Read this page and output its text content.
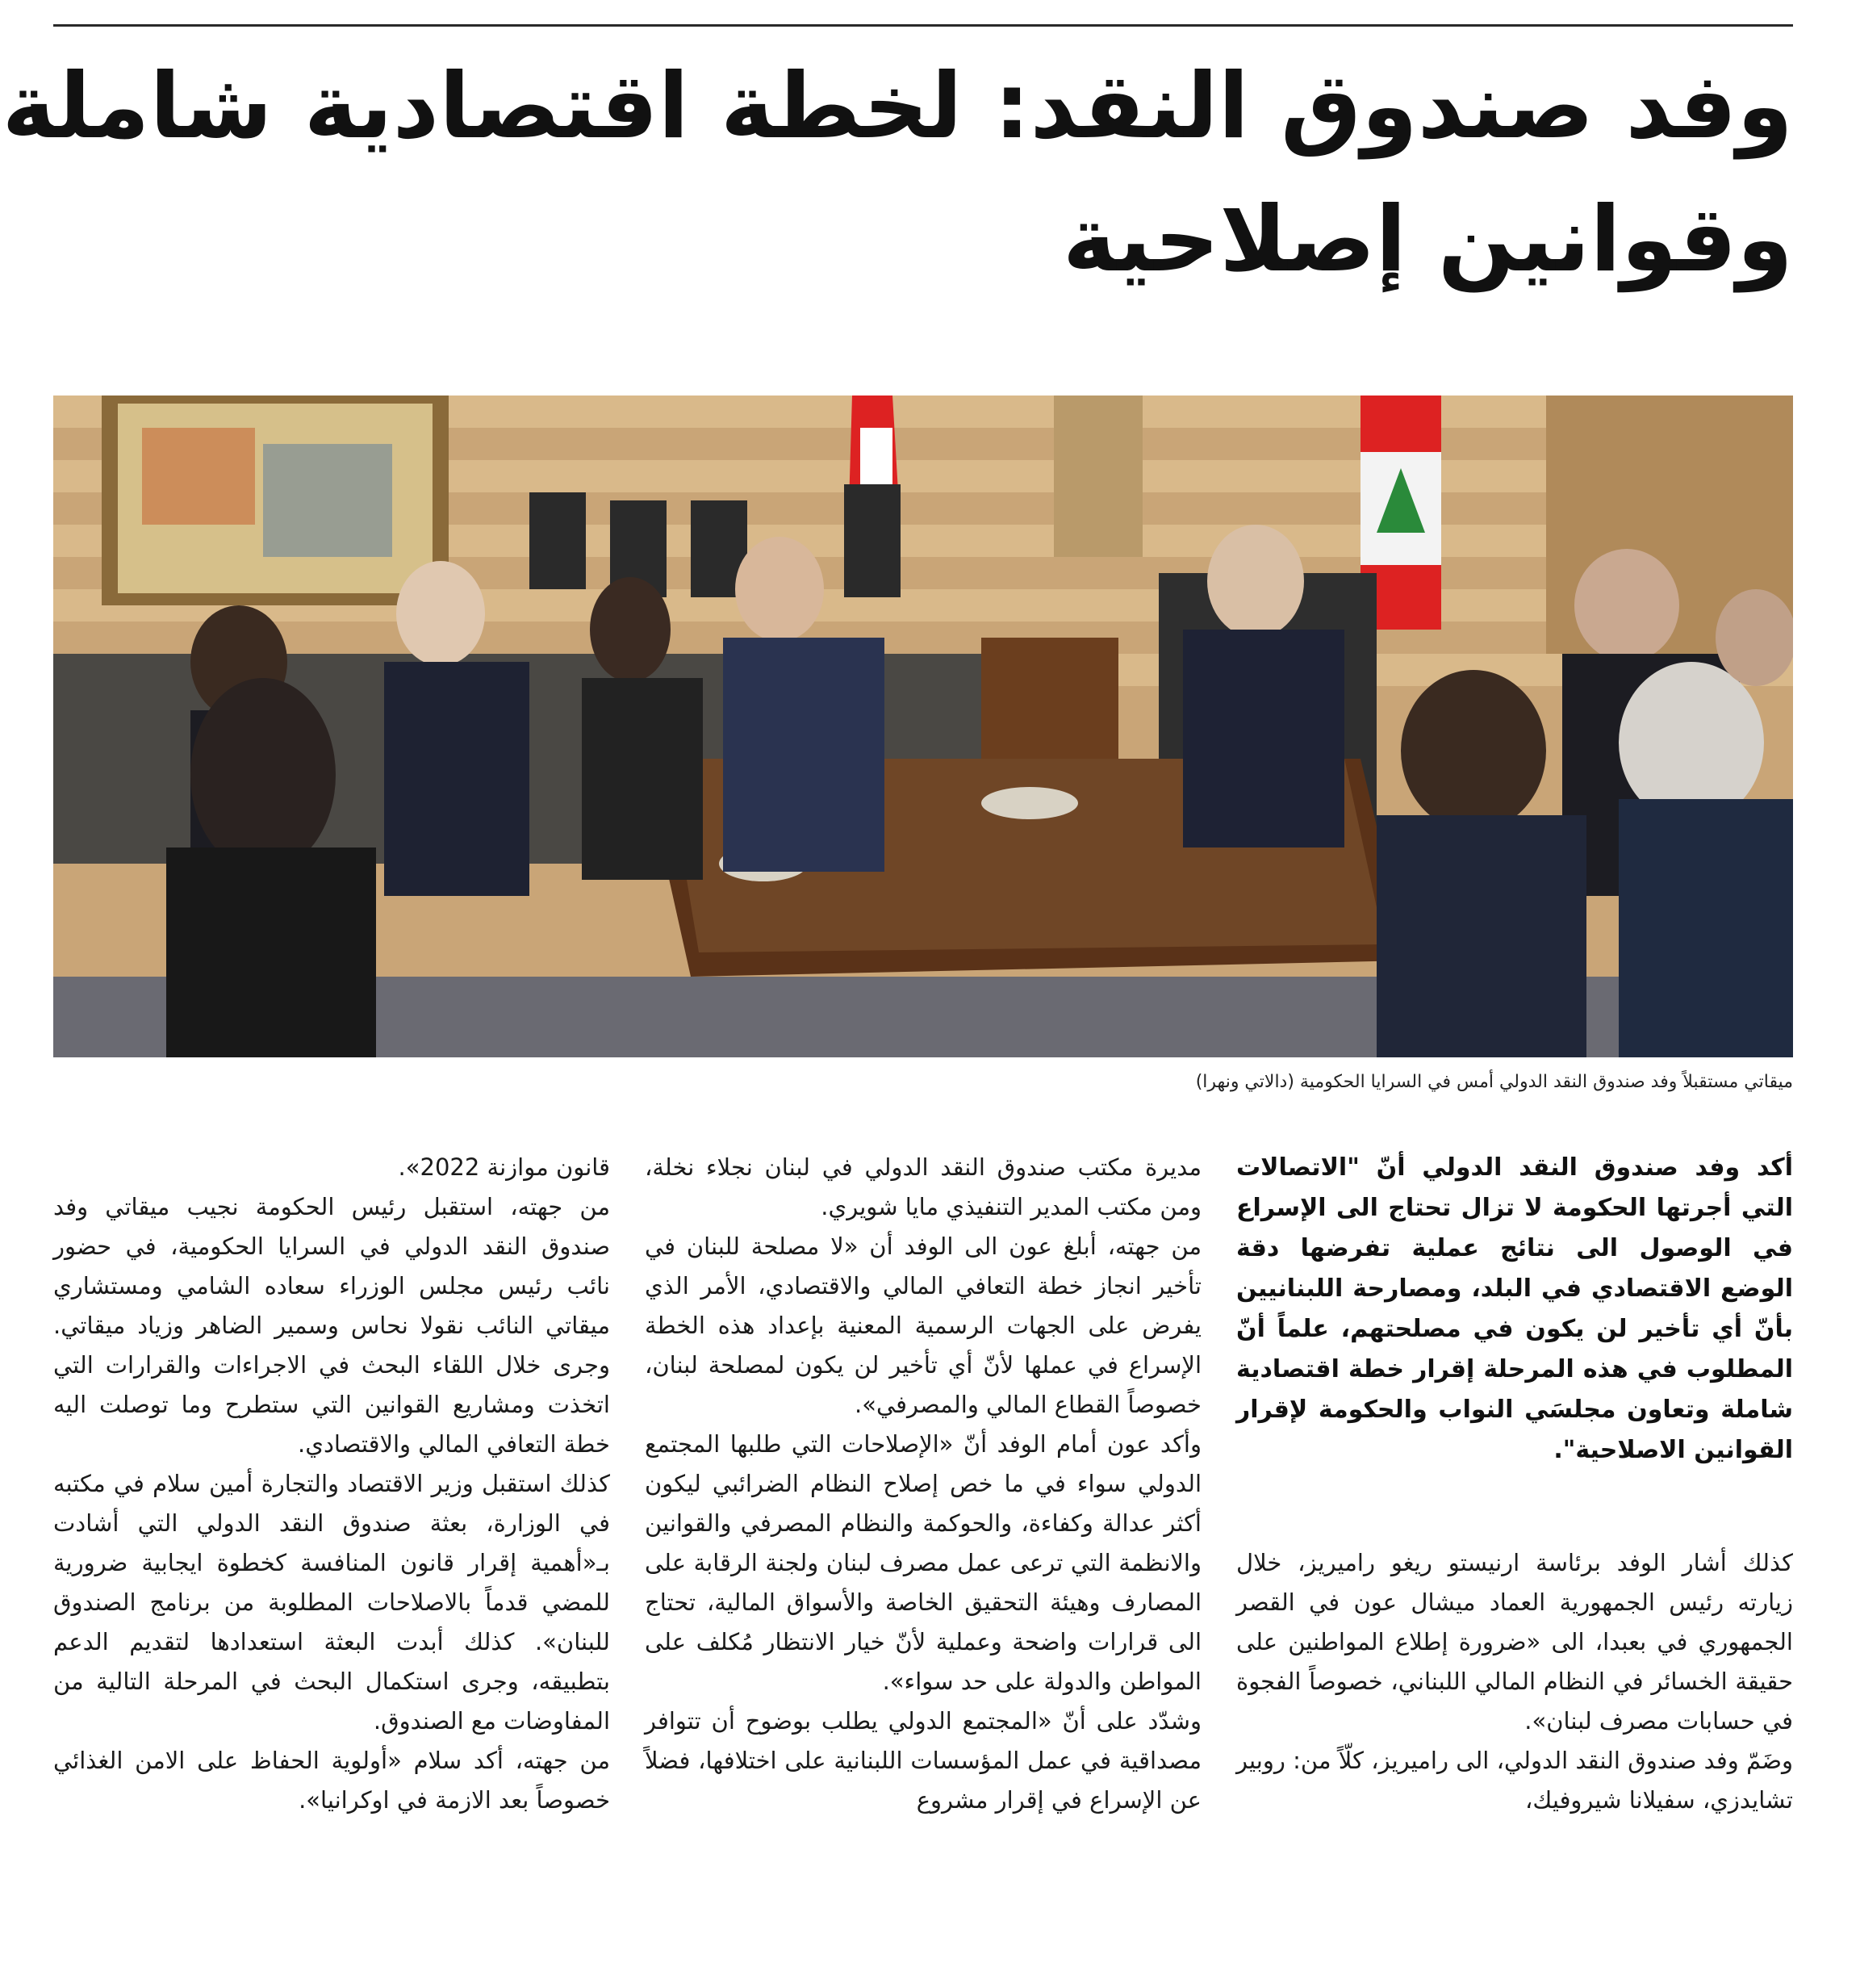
وفد صندوق النقد: لخطة اقتصادية شاملة
وقوانين إصلاحية
ميقاتي مستقبلاً وفد صندوق النقد الدولي أمس في السرايا الحكومية (دالاتي ونهرا)

أكد وفد صندوق النقد الدولي أنّ "الاتصالات التي أجرتها الحكومة لا تزال تحتاج الى الإسراع في الوصول الى نتائج عملية تفرضها دقة الوضع الاقتصادي في البلد، ومصارحة اللبنانيين بأنّ أي تأخير لن يكون في مصلحتهم، علماً أنّ المطلوب في هذه المرحلة إقرار خطة اقتصادية شاملة وتعاون مجلسَي النواب والحكومة لإقرار القوانين الاصلاحية".

كذلك أشار الوفد برئاسة ارنيستو ريغو راميريز، خلال زيارته رئيس الجمهورية العماد ميشال عون في القصر الجمهوري في بعبدا، الى «ضرورة إطلاع المواطنين على حقيقة الخسائر في النظام المالي اللبناني، خصوصاً الفجوة في حسابات مصرف لبنان».

وضَمّ وفد صندوق النقد الدولي، الى راميريز، كلّاً من: روبير تشايدزي، سفيلانا شيروفيك،

مديرة مكتب صندوق النقد الدولي في لبنان نجلاء نخلة، ومن مكتب المدير التنفيذي مايا شويري.

من جهته، أبلغ عون الى الوفد أن «لا مصلحة للبنان في تأخير انجاز خطة التعافي المالي والاقتصادي، الأمر الذي يفرض على الجهات الرسمية المعنية بإعداد هذه الخطة الإسراع في عملها لأنّ أي تأخير لن يكون لمصلحة لبنان، خصوصاً القطاع المالي والمصرفي».

وأكد عون أمام الوفد أنّ «الإصلاحات التي طلبها المجتمع الدولي سواء في ما خص إصلاح النظام الضرائبي ليكون أكثر عدالة وكفاءة، والحوكمة والنظام المصرفي والقوانين والانظمة التي ترعى عمل مصرف لبنان ولجنة الرقابة على المصارف وهيئة التحقيق الخاصة والأسواق المالية، تحتاج الى قرارات واضحة وعملية لأنّ خيار الانتظار مُكلف على المواطن والدولة على حد سواء».

وشدّد على أنّ «المجتمع الدولي يطلب بوضوح أن تتوافر مصداقية في عمل المؤسسات اللبنانية على اختلافها، فضلاً عن الإسراع في إقرار مشروع

قانون موازنة 2022».

من جهته، استقبل رئيس الحكومة نجيب ميقاتي وفد صندوق النقد الدولي في السرايا الحكومية، في حضور نائب رئيس مجلس الوزراء سعاده الشامي ومستشاري ميقاتي النائب نقولا نحاس وسمير الضاهر وزياد ميقاتي. وجرى خلال اللقاء البحث في الاجراءات والقرارات التي اتخذت ومشاريع القوانين التي ستطرح وما توصلت اليه خطة التعافي المالي والاقتصادي.

كذلك استقبل وزير الاقتصاد والتجارة أمين سلام في مكتبه في الوزارة، بعثة صندوق النقد الدولي التي أشادت بـ«أهمية إقرار قانون المنافسة كخطوة ايجابية ضرورية للمضي قدماً بالاصلاحات المطلوبة من برنامج الصندوق للبنان». كذلك أبدت البعثة استعدادها لتقديم الدعم بتطبيقه، وجرى استكمال البحث في المرحلة التالية من المفاوضات مع الصندوق.

من جهته، أكد سلام «أولوية الحفاظ على الامن الغذائي خصوصاً بعد الازمة في اوكرانيا».
